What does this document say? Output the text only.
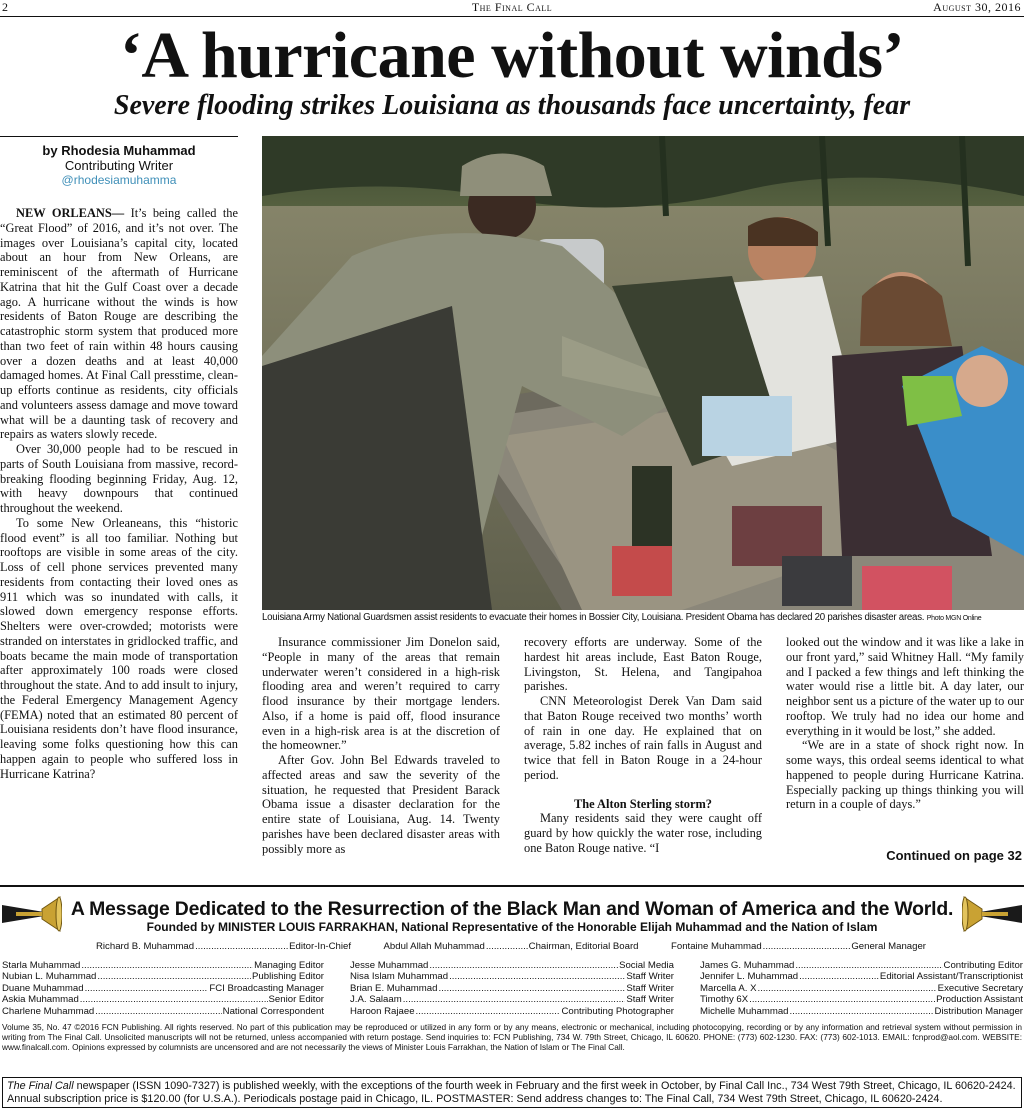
2	The Final Call	August 30, 2016
‘A hurricane without winds’
Severe flooding strikes Louisiana as thousands face uncertainty, fear
by Rhodesia Muhammad
Contributing Writer
@rhodesiamuhamma

NEW ORLEANS— It’s being called the “Great Flood” of 2016, and it’s not over. The images over Louisiana’s capital city, located about an hour from New Orleans, are reminiscent of the aftermath of Hurricane Katrina that hit the Gulf Coast over a decade ago. A hurricane without the winds is how residents of Baton Rouge are describing the catastrophic storm system that produced more than two feet of rain within 48 hours causing over a dozen deaths and at least 40,000 damaged homes. At Final Call presstime, clean-up efforts continue as residents, city officials and volunteers assess damage and move toward what will be a daunting task of recovery and repairs as waters slowly recede.

Over 30,000 people had to be rescued in parts of South Louisiana from massive, record-breaking flooding beginning Friday, Aug. 12, with heavy downpours that continued throughout the weekend.

To some New Orleaneans, this “historic flood event” is all too familiar. Nothing but rooftops are visible in some areas of the city. Loss of cell phone services prevented many residents from contacting their loved ones as 911 which was so inundated with calls, it slowed down emergency response efforts. Shelters were over-crowded; motorists were stranded on interstates in gridlocked traffic, and boats became the main mode of transportation after approximately 100 roads were closed throughout the state. And to add insult to injury, the Federal Emergency Management Agency (FEMA) noted that an estimated 80 percent of Louisiana residents don’t have flood insurance, leaving some folks questioning how this can happen again to people who suffered loss in Hurricane Katrina?

Louisiana Army National Guardsmen assist residents to evacuate their homes in Bossier City, Louisiana. President Obama has declared 20 parishes disaster areas. Photo MGN Online

Insurance commissioner Jim Donelon said, “People in many of the areas that remain underwater weren’t considered in a high-risk flooding area and weren’t required to carry flood insurance by their mortgage lenders. Also, if a home is paid off, flood insurance even in a high-risk area is at the discretion of the homeowner.”

After Gov. John Bel Edwards traveled to affected areas and saw the severity of the situation, he requested that President Barack Obama issue a disaster declaration for the entire state of Louisiana, Aug. 14. Twenty parishes have been declared disaster areas with possibly more as

recovery efforts are underway. Some of the hardest hit areas include, East Baton Rouge, Livingston, St. Helena, and Tangipahoa parishes.

CNN Meteorologist Derek Van Dam said that Baton Rouge received two months’ worth of rain in one day. He explained that on average, 5.82 inches of rain falls in August and twice that fell in Baton Rouge in a 24-hour period.

The Alton Sterling storm?

Many residents said they were caught off guard by how quickly the water rose, including one Baton Rouge native. “I

looked out the window and it was like a lake in our front yard,” said Whitney Hall. “My family and I packed a few things and left thinking the water would rise a little bit. A day later, our neighbor sent us a picture of the water up to our rooftop. We truly had no idea our home and everything in it would be lost,” she added.

“We are in a state of shock right now. In some ways, this ordeal seems identical to what happened to people during Hurricane Katrina. Especially packing up things thinking you will return in a couple of days.”

Continued on page 32
A Message Dedicated to the Resurrection of the Black Man and Woman of America and the World.
Founded by MINISTER LOUIS FARRAKHAN, National Representative of the Honorable Elijah Muhammad and the Nation of Islam
Richard B. Muhammad .....	Editor-In-Chief	Abdul Allah Muhammad .....	Chairman, Editorial Board	Fontaine Muhammad .....	General Manager
Starla Muhammad .....	Managing Editor
Nubian L. Muhammad .....	Publishing Editor
Duane Muhammad .....	FCI Broadcasting Manager
Askia Muhammad .....	Senior Editor
Charlene Muhammad .....	National Correspondent
Jesse Muhammad .....	Social Media
Nisa Islam Muhammad .....	Staff Writer
Brian E. Muhammad .....	Staff Writer
J.A. Salaam .....	Staff Writer
Haroon Rajaee .....	Contributing Photographer
James G. Muhammad .....	Contributing Editor
Jennifer L. Muhammad .....	Editorial Assistant/Transcriptionist
Marcella A. X .....	Executive Secretary
Timothy 6X .....	Production Assistant
Michelle Muhammad .....	Distribution Manager
Volume 35, No. 47 ©2016 FCN Publishing. All rights reserved. No part of this publication may be reproduced or utilized in any form or by any means, electronic or mechanical, including photocopying, recording or by any information and retrieval system without permission in writing from The Final Call. Unsolicited manuscripts will not be returned, unless accompanied with return postage. Send inquiries to: FCN Publishing, 734 W. 79th Street, Chicago, IL 60620. PHONE: (773) 602-1230. FAX: (773) 602-1013. EMAIL: fcnprod@aol.com. WEBSITE: www.finalcall.com. Opinions expressed by columnists are uncensored and are not necessarily the views of Minister Louis Farrakhan, the Nation of Islam or The Final Call.
The Final Call newspaper (ISSN 1090-7327) is published weekly, with the exceptions of the fourth week in February and the first week in October, by Final Call Inc., 734 West 79th Street, Chicago, IL 60620-2424.
Annual subscription price is $120.00 (for U.S.A.). Periodicals postage paid in Chicago, IL. POSTMASTER: Send address changes to: The Final Call, 734 West 79th Street, Chicago, IL 60620-2424.
